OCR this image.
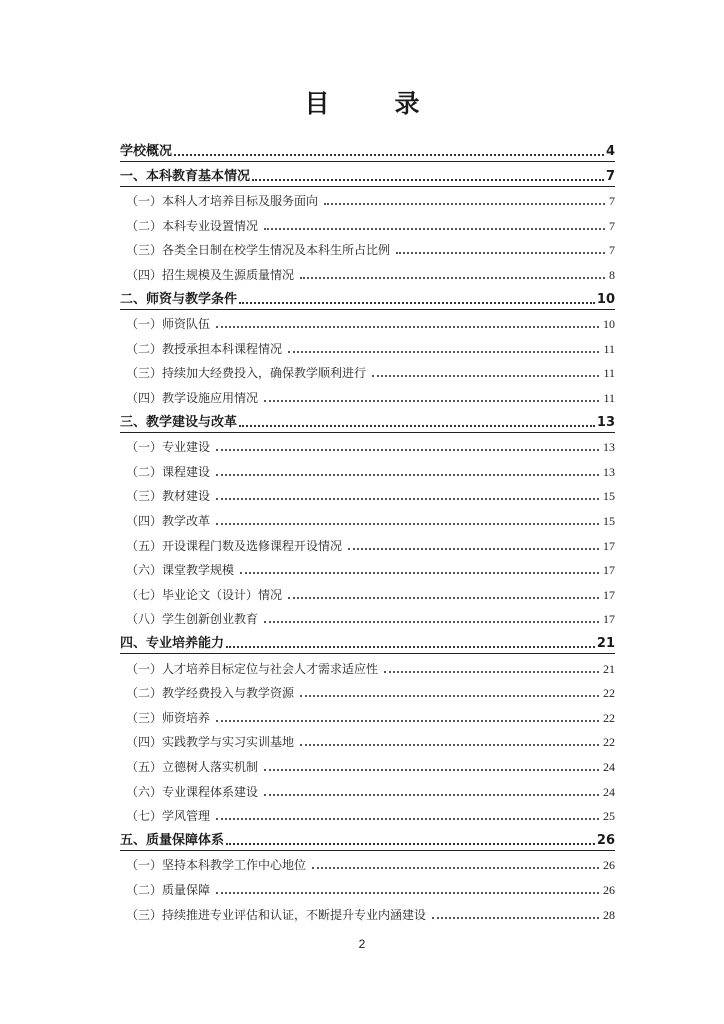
目　录
学校概况	4
一、本科教育基本情况	7
（一）本科人才培养目标及服务面向	7
（二）本科专业设置情况	7
（三）各类全日制在校学生情况及本科生所占比例	7
（四）招生规模及生源质量情况	8
二、师资与教学条件	10
（一）师资队伍	10
（二）教授承担本科课程情况	11
（三）持续加大经费投入，确保教学顺利进行	11
（四）教学设施应用情况	11
三、教学建设与改革	13
（一）专业建设	13
（二）课程建设	13
（三）教材建设	15
（四）教学改革	15
（五）开设课程门数及选修课程开设情况	17
（六）课堂教学规模	17
（七）毕业论文（设计）情况	17
（八）学生创新创业教育	17
四、专业培养能力	21
（一）人才培养目标定位与社会人才需求适应性	21
（二）教学经费投入与教学资源	22
（三）师资培养	22
（四）实践教学与实习实训基地	22
（五）立德树人落实机制	24
（六）专业课程体系建设	24
（七）学风管理	25
五、质量保障体系	26
（一）坚持本科教学工作中心地位	26
（二）质量保障	26
（三）持续推进专业评估和认证，不断提升专业内涵建设	28
2
